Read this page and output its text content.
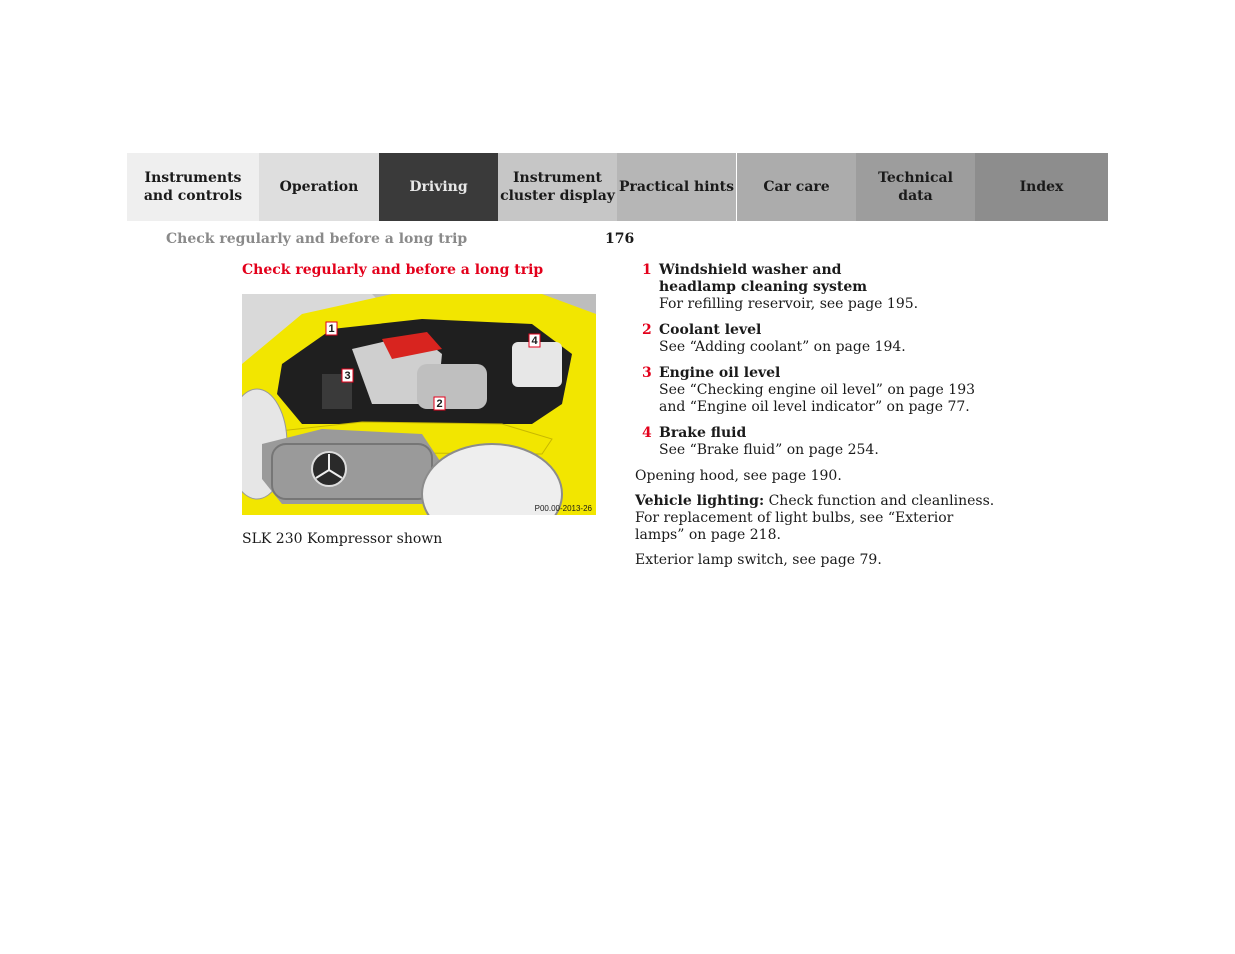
Instruments
and controls
Operation	Driving
Instrument
cluster display
Practical hints	Car care
Technical
data
Index
Check regularly and before a long trip	176
Check regularly and before a long trip
1
2
3
4
P00.00-2013-26
SLK 230 Kompressor shown
1 Windshield washer and
headlamp cleaning system
For refilling reservoir, see page 195.
2 Coolant level
See “Adding coolant” on page 194.
3 Engine oil level
See “Checking engine oil level” on page 193 and “Engine oil level indicator” on page 77.
4 Brake fluid
See “Brake fluid” on page 254.

Opening hood, see page 190.

Vehicle lighting: Check function and cleanliness. For replacement of light bulbs, see “Exterior lamps” on page 218.

Exterior lamp switch, see page 79.
